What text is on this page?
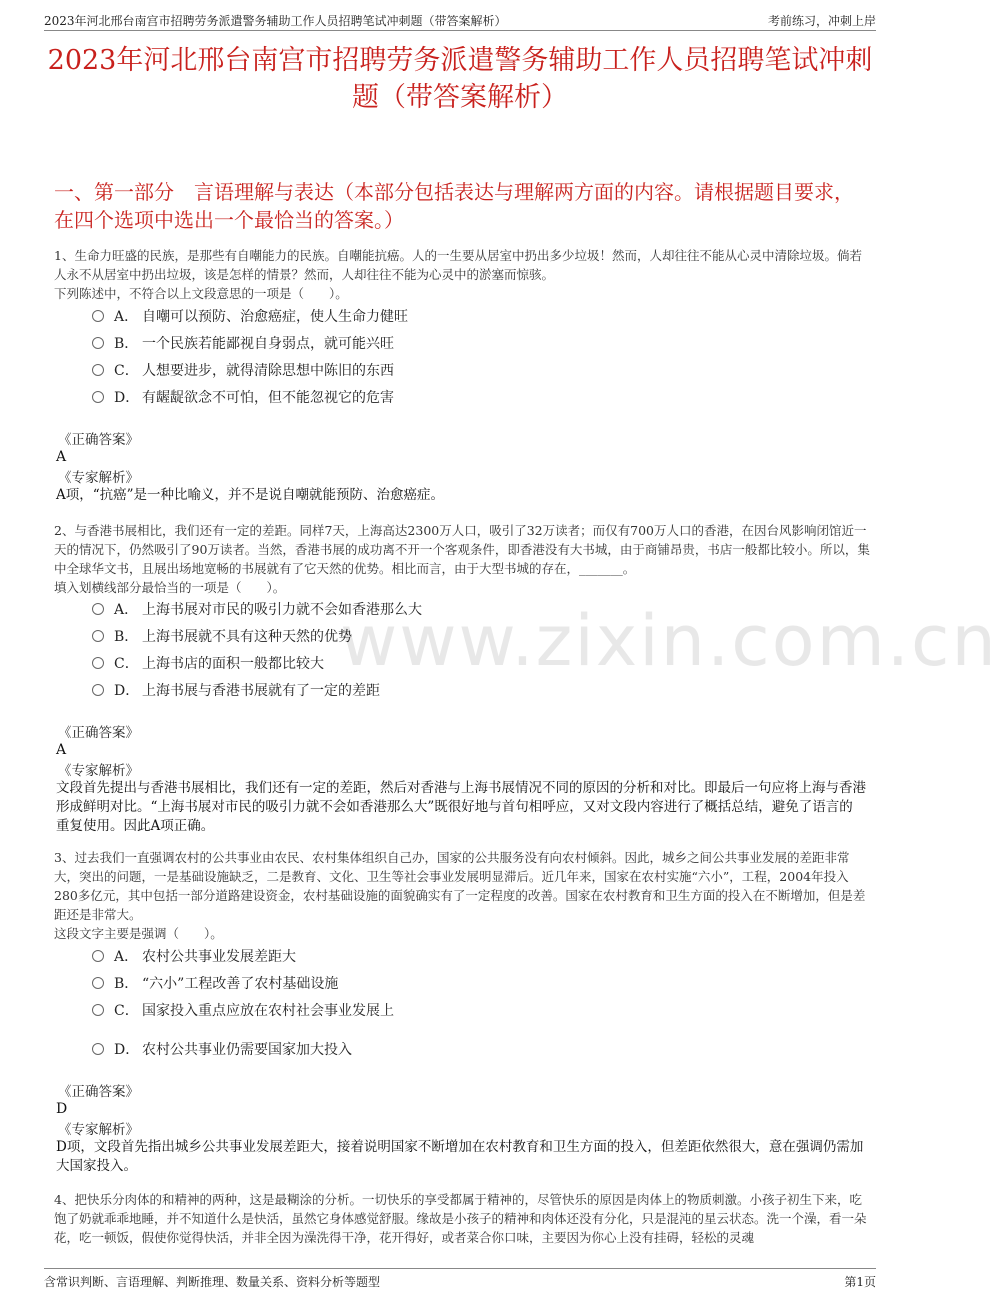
2023年河北邢台南宫市招聘劳务派遣警务辅助工作人员招聘笔试冲刺题（带答案解析）	考前练习，冲刺上岸
2023年河北邢台南宫市招聘劳务派遣警务辅助工作人员招聘笔试冲刺题（带答案解析）
一、第一部分　言语理解与表达（本部分包括表达与理解两方面的内容。请根据题目要求，在四个选项中选出一个最恰当的答案。）
www.zixin.com.cn
1、生命力旺盛的民族，是那些有自嘲能力的民族。自嘲能抗癌。人的一生要从居室中扔出多少垃圾！然而，人却往往不能从心灵中清除垃圾。倘若人永不从居室中扔出垃圾，该是怎样的情景？然而，人却往往不能为心灵中的淤塞而惊骇。
下列陈述中，不符合以上文段意思的一项是（　　）。
A． 自嘲可以预防、治愈癌症，使人生命力健旺
B． 一个民族若能鄙视自身弱点，就可能兴旺
C． 人想要进步，就得清除思想中陈旧的东西
D． 有龌龊欲念不可怕，但不能忽视它的危害
《正确答案》
A
《专家解析》
A项，“抗癌”是一种比喻义，并不是说自嘲就能预防、治愈癌症。
2、与香港书展相比，我们还有一定的差距。同样7天，上海高达2300万人口，吸引了32万读者；而仅有700万人口的香港，在因台风影响闭馆近一天的情况下，仍然吸引了90万读者。当然，香港书展的成功离不开一个客观条件，即香港没有大书城，由于商铺昂贵，书店一般都比较小。所以，集中全球华文书，且展出场地宽畅的书展就有了它天然的优势。相比而言，由于大型书城的存在，_______。
填入划横线部分最恰当的一项是（　　）。
A． 上海书展对市民的吸引力就不会如香港那么大
B． 上海书展就不具有这种天然的优势
C． 上海书店的面积一般都比较大
D． 上海书展与香港书展就有了一定的差距
《正确答案》
A
《专家解析》
文段首先提出与香港书展相比，我们还有一定的差距，然后对香港与上海书展情况不同的原因的分析和对比。即最后一句应将上海与香港形成鲜明对比。“上海书展对市民的吸引力就不会如香港那么大”既很好地与首句相呼应，又对文段内容进行了概括总结，避免了语言的重复使用。因此A项正确。
3、过去我们一直强调农村的公共事业由农民、农村集体组织自己办，国家的公共服务没有向农村倾斜。因此，城乡之间公共事业发展的差距非常大，突出的问题，一是基础设施缺乏，二是教育、文化、卫生等社会事业发展明显滞后。近几年来，国家在农村实施“六小”，工程，2004年投入280多亿元，其中包括一部分道路建设资金，农村基础设施的面貌确实有了一定程度的改善。国家在农村教育和卫生方面的投入在不断增加，但是差距还是非常大。
这段文字主要是强调（　　）。
A． 农村公共事业发展差距大
B． “六小”工程改善了农村基础设施
C． 国家投入重点应放在农村社会事业发展上
D． 农村公共事业仍需要国家加大投入
《正确答案》
D
《专家解析》
D项，文段首先指出城乡公共事业发展差距大，接着说明国家不断增加在农村教育和卫生方面的投入，但差距依然很大，意在强调仍需加大国家投入。
4、把快乐分肉体的和精神的两种，这是最糊涂的分析。一切快乐的享受都属于精神的，尽管快乐的原因是肉体上的物质刺激。小孩子初生下来，吃饱了奶就乖乖地睡，并不知道什么是快活，虽然它身体感觉舒服。缘故是小孩子的精神和肉体还没有分化，只是混沌的星云状态。洗一个澡，看一朵花，吃一顿饭，假使你觉得快活，并非全因为澡洗得干净，花开得好，或者菜合你口味，主要因为你心上没有挂碍，轻松的灵魂
含常识判断、言语理解、判断推理、数量关系、资料分析等题型	第1页
